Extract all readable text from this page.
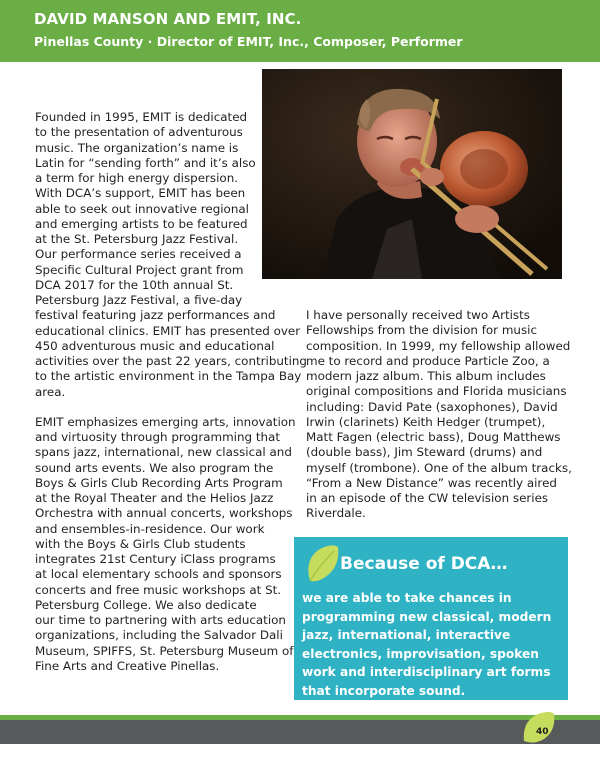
DAVID MANSON AND EMIT, INC.
Pinellas County · Director of EMIT, Inc., Composer, Performer
Founded in 1995, EMIT is dedicated
to the presentation of adventurous
music. The organization’s name is
Latin for “sending forth” and it’s also
a term for high energy dispersion.
With DCA’s support, EMIT has been
able to seek out innovative regional
and emerging artists to be featured
at the St. Petersburg Jazz Festival.
Our performance series received a
Specific Cultural Project grant from
DCA 2017 for the 10th annual St.
Petersburg Jazz Festival, a five-day
festival featuring jazz performances and
educational clinics. EMIT has presented over
450 adventurous music and educational
activities over the past 22 years, contributing
to the artistic environment in the Tampa Bay
area.
EMIT emphasizes emerging arts, innovation
and virtuosity through programming that
spans jazz, international, new classical and
sound arts events. We also program the
Boys & Girls Club Recording Arts Program
at the Royal Theater and the Helios Jazz
Orchestra with annual concerts, workshops
and ensembles-in-residence. Our work
with the Boys & Girls Club students
integrates 21st Century iClass programs
at local elementary schools and sponsors
concerts and free music workshops at St.
Petersburg College. We also dedicate
our time to partnering with arts education
organizations, including the Salvador Dali
Museum, SPIFFS, St. Petersburg Museum of
Fine Arts and Creative Pinellas.
I have personally received two Artists
Fellowships from the division for music
composition. In 1999, my fellowship allowed
me to record and produce Particle Zoo, a
modern jazz album. This album includes
original compositions and Florida musicians
including: David Pate (saxophones), David
Irwin (clarinets) Keith Hedger (trumpet),
Matt Fagen (electric bass), Doug Matthews
(double bass), Jim Steward (drums) and
myself (trombone). One of the album tracks,
“From a New Distance” was recently aired
in an episode of the CW television series
Riverdale.
Because of DCA…
we are able to take chances in
programming new classical, modern
jazz, international, interactive
electronics, improvisation, spoken
work and interdisciplinary art forms
that incorporate sound.
40
